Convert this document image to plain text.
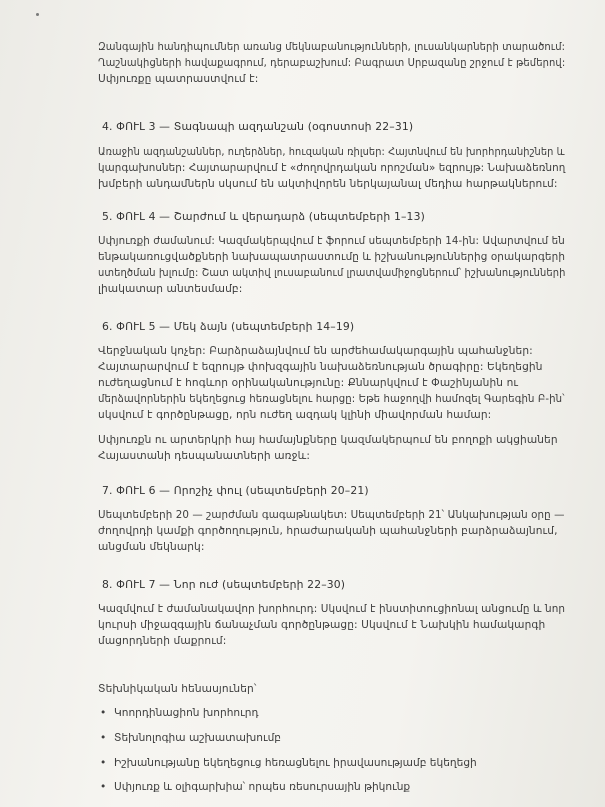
Զանգային հանդիպումներ առանց մեկնաբանությունների, լուսանկարների տարածում:
Ղաշնակիցների հավաքագրում, դերաբաշխում: Բագրատ Սրբազանը շրջում է թեմերով:
Սփյուռքը պատրաստվում է:
4. ՓՈՒԼ 3 — Տագնապի ազդանշան (օգոստոսի 22–31)
Առաջին ազդանշաններ, ուղերձներ, հուզական ռիլսեր: Հայտնվում են խորհրդանիշներ և
կարգախոսներ: Հայտարարվում է «ժողովրդական որոշման» եզրույթ: Նախաձեռնող
խմբերի անդամներն սկսում են ակտիվորեն ներկայանալ մեդիա հարթակներում:
5. ՓՈՒԼ 4 — Շարժում և վերադարձ (սեպտեմբերի 1–13)
Սփյուռքի ժամանում: Կազմակերպվում է ֆորում սեպտեմբերի 14-ին: Ավարտվում են
ենթակառուցվածքների նախապատրաստումը և իշխանություններից օրակարգերի
ստեղծման խլումը: Շատ ակտիվ լուսաբանում լրատվամիջոցներում՝ իշխանությունների
լիակատար անտեսմամբ:
6. ՓՈՒԼ 5 — Մեկ ձայն (սեպտեմբերի 14–19)
Վերջնական կոչեր: Բարձրաձայնվում են արժեհամակարգային պահանջներ:
Հայտարարվում է եզրույթ փոխզգային նախաձեռնության ծրագիրը: Եկեղեցին
ուժեղացնում է հոգևոր օրինականությունը: Քննարկվում է Փաշինյանին ու
մերձավորներին եկեղեցուց հեռացնելու հարցը: Եթե հաջողվի համոզել Գարեգին Բ-ին՝
սկսվում է գործընթացը, որն ուժեղ ազդակ կլինի միավորման համար:
Սփյուռքն ու արտերկրի հայ համայնքները կազմակերպում են բողոքի ակցիաներ
Հայաստանի դեսպանատների առջև:
7. ՓՈՒԼ 6 — Որոշիչ փուլ (սեպտեմբերի 20–21)
Սեպտեմբերի 20 — շարժման գագաթնակետ: Սեպտեմբերի 21՝ Անկախության օրը —
ժողովրդի կամքի գործողություն, հրաժարականի պահանջների բարձրաձայնում,
անցման մեկնարկ:
8. ՓՈՒԼ 7 — Նոր ուժ (սեպտեմբերի 22–30)
Կազմվում է ժամանակավոր խորհուրդ: Սկսվում է ինստիտուցիոնալ անցումը և նոր
կուրսի միջազգային ճանաչման գործընթացը: Սկսվում է Նախկին համակարգի
մացորդների մաքրում:
Տեխնիկական հենասյուներ՝
• Կոորդինացիոն խորհուրդ
• Տեխնոլոգիա աշխատախումբ
• Իշխանությանը եկեղեցուց հեռացնելու իրավասությամբ եկեղեցի
• Սփյուռք և օլիգարխիա՝ որպես ռեսուրսային թիկունք
